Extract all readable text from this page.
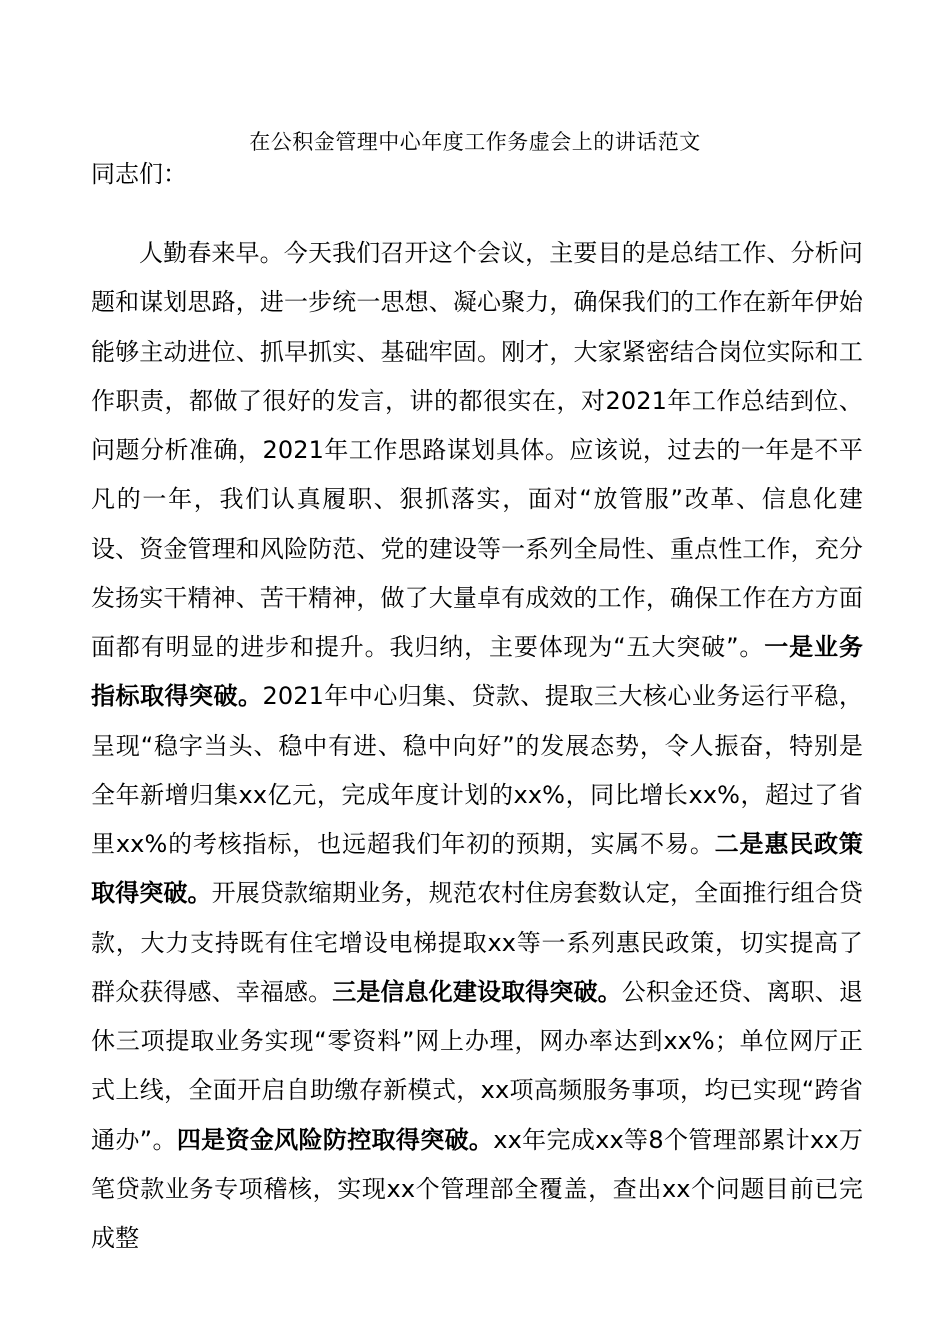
在公积金管理中心年度工作务虚会上的讲话范文
同志们：

人勤春来早。今天我们召开这个会议，主要目的是总结工作、分析问题和谋划思路，进一步统一思想、凝心聚力，确保我们的工作在新年伊始能够主动进位、抓早抓实、基础牢固。刚才，大家紧密结合岗位实际和工作职责，都做了很好的发言，讲的都很实在，对2021年工作总结到位、问题分析准确，2021年工作思路谋划具体。应该说，过去的一年是不平凡的一年，我们认真履职、狠抓落实，面对“放管服”改革、信息化建设、资金管理和风险防范、党的建设等一系列全局性、重点性工作，充分发扬实干精神、苦干精神，做了大量卓有成效的工作，确保工作在方方面面都有明显的进步和提升。我归纳，主要体现为“五大突破”。一是业务指标取得突破。2021年中心归集、贷款、提取三大核心业务运行平稳，呈现“稳字当头、稳中有进、稳中向好”的发展态势，令人振奋，特别是全年新增归集xx亿元，完成年度计划的xx%，同比增长xx%，超过了省里xx%的考核指标，也远超我们年初的预期，实属不易。二是惠民政策取得突破。开展贷款缩期业务，规范农村住房套数认定，全面推行组合贷款，大力支持既有住宅增设电梯提取xx等一系列惠民政策，切实提高了群众获得感、幸福感。三是信息化建设取得突破。公积金还贷、离职、退休三项提取业务实现“零资料”网上办理，网办率达到xx%；单位网厅正式上线，全面开启自助缴存新模式，xx项高频服务事项，均已实现“跨省通办”。四是资金风险防控取得突破。xx年完成xx等8个管理部累计xx万笔贷款业务专项稽核，实现xx个管理部全覆盖，查出xx个问题目前已完成整
